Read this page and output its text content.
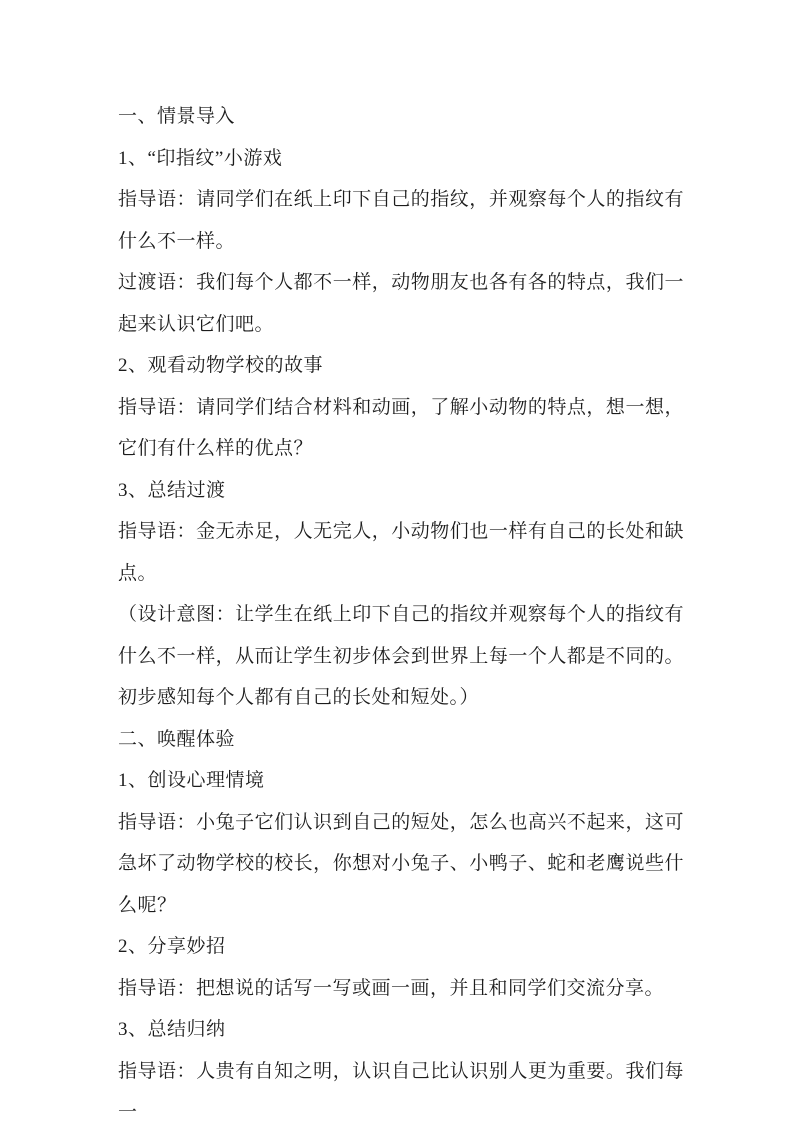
一、情景导入

1、“印指纹”小游戏

指导语：请同学们在纸上印下自己的指纹，并观察每个人的指纹有什么不一样。

过渡语：我们每个人都不一样，动物朋友也各有各的特点，我们一起来认识它们吧。

2、观看动物学校的故事

指导语：请同学们结合材料和动画，了解小动物的特点，想一想，它们有什么样的优点？

3、总结过渡

指导语：金无赤足，人无完人，小动物们也一样有自己的长处和缺点。

（设计意图：让学生在纸上印下自己的指纹并观察每个人的指纹有什么不一样，从而让学生初步体会到世界上每一个人都是不同的。初步感知每个人都有自己的长处和短处。）

二、唤醒体验

1、创设心理情境

指导语：小兔子它们认识到自己的短处，怎么也高兴不起来，这可急坏了动物学校的校长，你想对小兔子、小鸭子、蛇和老鹰说些什么呢？

2、分享妙招

指导语：把想说的话写一写或画一画，并且和同学们交流分享。

3、总结归纳

指导语：人贵有自知之明，认识自己比认识别人更为重要。我们每一
